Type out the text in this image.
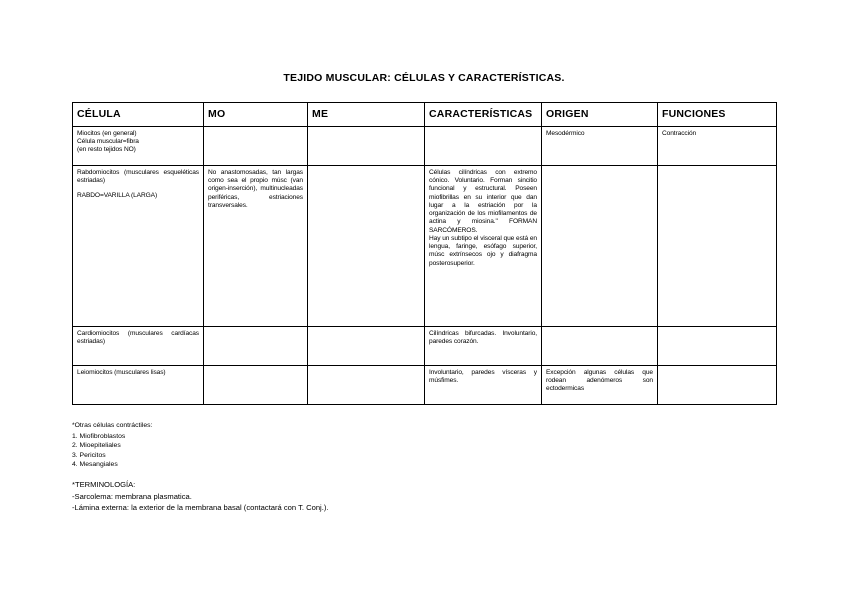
TEJIDO MUSCULAR: CÉLULAS Y CARACTERÍSTICAS.
CÉLULA	MO	ME	CARACTERÍSTICAS	ORIGEN	FUNCIONES

Miocitos (en general)
Célula muscular=fibra
(en resto tejidos NO)				Mesodérmico	Contracción

Rabdomiocitos (musculares esqueléticas estriadas)
RABDO=VARILLA (LARGA)	No anastomosadas, tan largas como sea el propio músc (van origen-inserción), multinucleadas periféricas, estriaciones transversales.		Células cilíndricas con extremo cónico. Voluntario. Forman sincitio funcional y estructural. Poseen miofibrillas en su interior que dan lugar a la estriación por la organización de los miofilamentos de actina y miosina." FORMAN SARCÓMEROS.
Hay un subtipo el visceral que está en lengua, faringe, esófago superior, músc extrínsecos ojo y diafragma posterosuperior.		

Cardiomiocitos (musculares cardíacas estriadas)			Cilíndricas bifurcadas. Involuntario, paredes corazón.		

Leiomiocitos (musculares lisas)			Involuntario, paredes vísceras y músfimes.	Excepción algunas células que rodean adenómeros son ectodermicas	
*Otras células contráctiles:
1. Miofibroblastos
2. Mioepiteliales
3. Pericitos
4. Mesangiales
*TERMINOLOGÍA:
-Sarcolema: membrana plasmatica.
-Lámina externa: la exterior de la membrana basal (contactará con T. Conj.).
